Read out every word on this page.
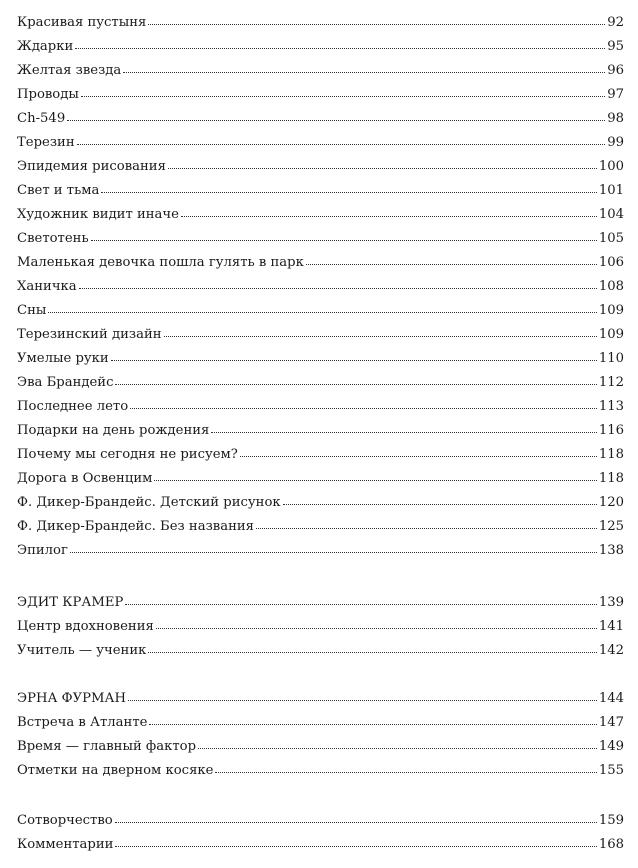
Красивая пустыня	92
Ждарки	95
Желтая звезда	96
Проводы	97
Ch-549	98
Терезин	99
Эпидемия рисования	100
Свет и тьма	101
Художник видит иначе	104
Светотень	105
Маленькая девочка пошла гулять в парк	106
Ханичка	108
Сны	109
Терезинский дизайн	109
Умелые руки	110
Эва Брандейс	112
Последнее лето	113
Подарки на день рождения	116
Почему мы сегодня не рисуем?	118
Дорога в Освенцим	118
Ф. Дикер-Брандейс. Детский рисунок	120
Ф. Дикер-Брандейс. Без названия	125
Эпилог	138
ЭДИТ КРАМЕР	139
Центр вдохновения	141
Учитель — ученик	142
ЭРНА ФУРМАН	144
Встреча в Атланте	147
Время — главный фактор	149
Отметки на дверном косяке	155
Сотворчество	159
Комментарии	168
